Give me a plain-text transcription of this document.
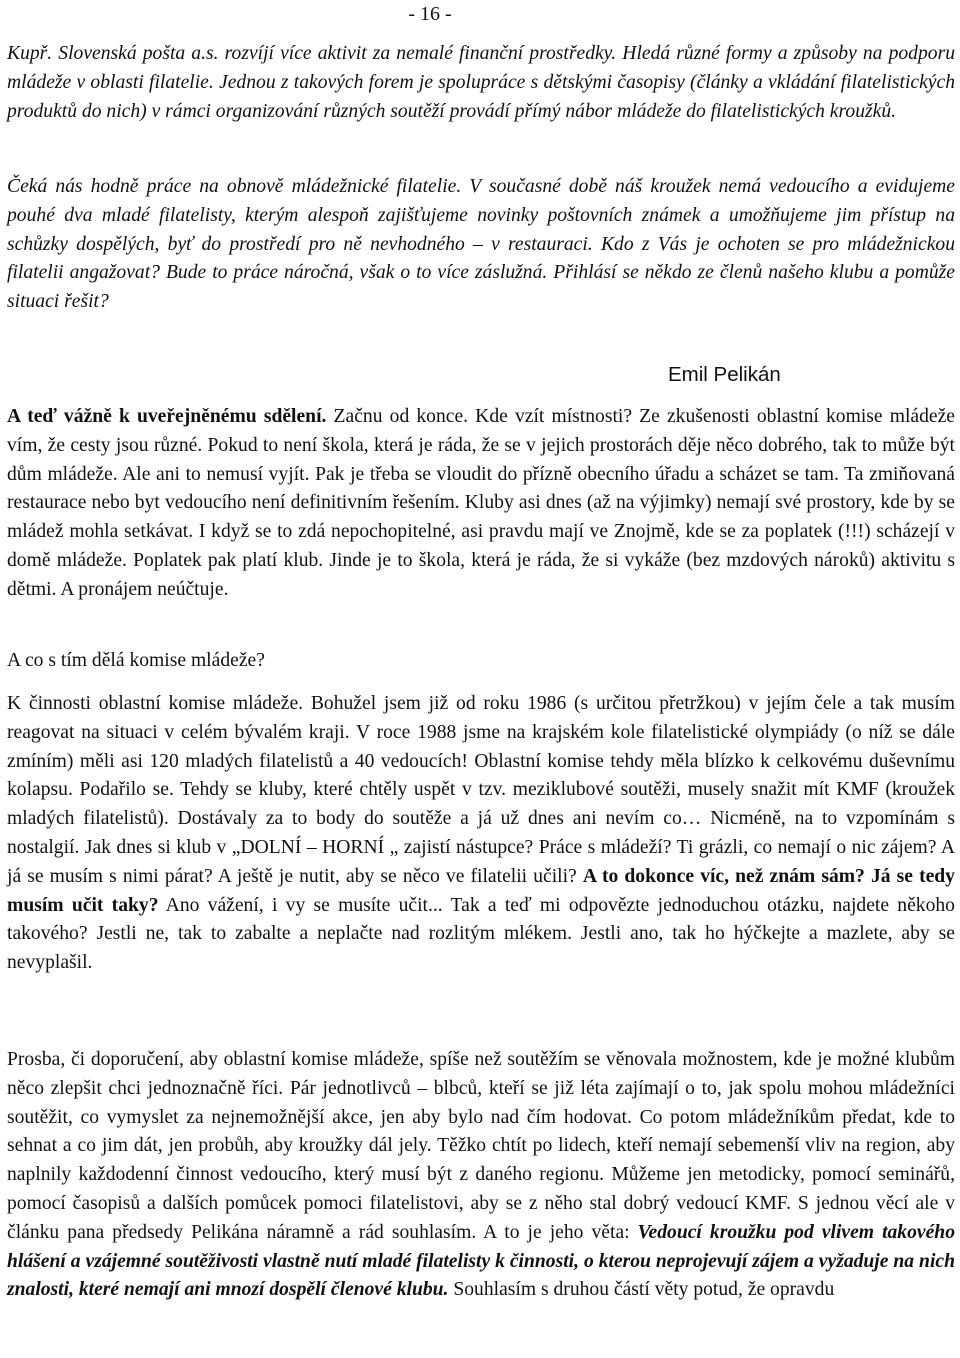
- 16 -

Kupř. Slovenská pošta a.s. rozvíjí více aktivit za nemalé finanční prostředky. Hledá různé formy a způsoby na podporu mládeže v oblasti filatelie. Jednou z takových forem je spolupráce s dětskými časopisy (články a vkládání filatelistických produktů do nich) v rámci organizování různých soutěží provádí přímý nábor mládeže do filatelistických kroužků.

Čeká nás hodně práce na obnově mládežnické filatelie. V současné době náš kroužek nemá vedoucího a evidujeme pouhé dva mladé filatelisty, kterým alespoň zajišťujeme novinky poštovních známek a umožňujeme jim přístup na schůzky dospělých, byť do prostředí pro ně nevhodného – v restauraci. Kdo z Vás je ochoten se pro mládežnickou filatelii angažovat? Bude to práce náročná, však o to více záslužná. Přihlásí se někdo ze členů našeho klubu a pomůže situaci řešit?

Emil Pelikán

A teď vážně k uveřejněnému sdělení. Začnu od konce. Kde vzít místnosti? Ze zkušenosti oblastní komise mládeže vím, že cesty jsou různé. Pokud to není škola, která je ráda, že se v jejich prostorách děje něco dobrého, tak to může být dům mládeže. Ale ani to nemusí vyjít. Pak je třeba se vloudit do přízně obecního úřadu a scházet se tam. Ta zmiňovaná restaurace nebo byt vedoucího není definitivním řešením. Kluby asi dnes (až na výjimky) nemají své prostory, kde by se mládež mohla setkávat. I když se to zdá nepochopitelné, asi pravdu mají ve Znojmě, kde se za poplatek (!!!) scházejí v domě mládeže. Poplatek pak platí klub. Jinde je to škola, která je ráda, že si vykáže (bez mzdových nároků) aktivitu s dětmi. A pronájem neúčtuje.

A co s tím dělá komise mládeže?

K činnosti oblastní komise mládeže. Bohužel jsem již od roku 1986 (s určitou přetržkou) v jejím čele a tak musím reagovat na situaci v celém bývalém kraji. V roce 1988 jsme na krajském kole filatelistické olympiády (o níž se dále zmíním) měli asi 120 mladých filatelistů a 40 vedoucích! Oblastní komise tehdy měla blízko k celkovému duševnímu kolapsu. Podařilo se. Tehdy se kluby, které chtěly uspět v tzv. meziklubové soutěži, musely snažit mít KMF (kroužek mladých filatelistů). Dostávaly za to body do soutěže a já už dnes ani nevím co… Nicméně, na to vzpomínám s nostalgií. Jak dnes si klub v „DOLNÍ – HORNÍ „ zajistí nástupce? Práce s mládeží? Ti grázli, co nemají o nic zájem? A já se musím s nimi párat? A ještě je nutit, aby se něco ve filatelii učili? A to dokonce víc, než znám sám? Já se tedy musím učit taky? Ano vážení, i vy se musíte učit... Tak a teď mi odpovězte jednoduchou otázku, najdete někoho takového? Jestli ne, tak to zabalte a neplačte nad rozlitým mlékem. Jestli ano, tak ho hýčkejte a mazlete, aby se nevyplašil.

Prosba, či doporučení, aby oblastní komise mládeže, spíše než soutěžím se věnovala možnostem, kde je možné klubům něco zlepšit chci jednoznačně říci. Pár jednotlivců – blbců, kteří se již léta zajímají o to, jak spolu mohou mládežníci soutěžit, co vymyslet za nejnemožnější akce, jen aby bylo nad čím hodovat. Co potom mládežníkům předat, kde to sehnat a co jim dát, jen probůh, aby kroužky dál jely. Těžko chtít po lidech, kteří nemají sebemenší vliv na region, aby naplnily každodenní činnost vedoucího, který musí být z daného regionu. Můžeme jen metodicky, pomocí seminářů, pomocí časopisů a dalších pomůcek pomoci filatelistovi, aby se z něho stal dobrý vedoucí KMF. S jednou věcí ale v článku pana předsedy Pelikána náramně a rád souhlasím. A to je jeho věta: Vedoucí kroužku pod vlivem takového hlášení a vzájemné soutěživosti vlastně nutí mladé filatelisty k činnosti, o kterou neprojevují zájem a vyžaduje na nich znalosti, které nemají ani mnozí dospělí členové klubu. Souhlasím s druhou částí věty potud, že opravdu
